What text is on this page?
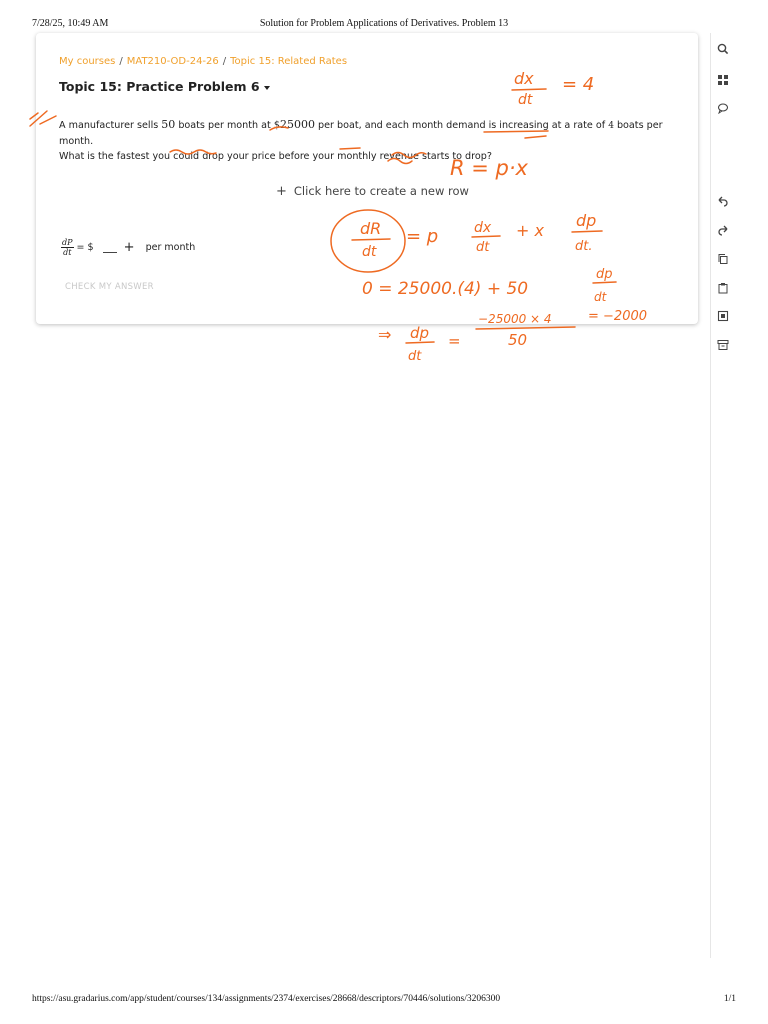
7/28/25, 10:49 AM	Solution for Problem Applications of Derivatives. Problem 13
My courses / MAT210-OD-24-26 / Topic 15: Related Rates
Topic 15: Practice Problem 6
A manufacturer sells 50 boats per month at $25000 per boat, and each month demand is increasing at a rate of 4 boats per month.
What is the fastest you could drop your price before your monthly revenue starts to drop?
+ Click here to create a new row
$\frac{dP}{dt}$ = $ + per month
CHECK MY ANSWER
dx
dt
= 4
R = p·x
dR
dt
= p	dx
dt
+ x
dp
dt.
0 = 25000.(4) + 50
dp
dt
⇒ dp
dt
=
−25000 × 4
50
= −2000
https://asu.gradarius.com/app/student/courses/134/assignments/2374/exercises/28668/descriptors/70446/solutions/3206300	1/1
